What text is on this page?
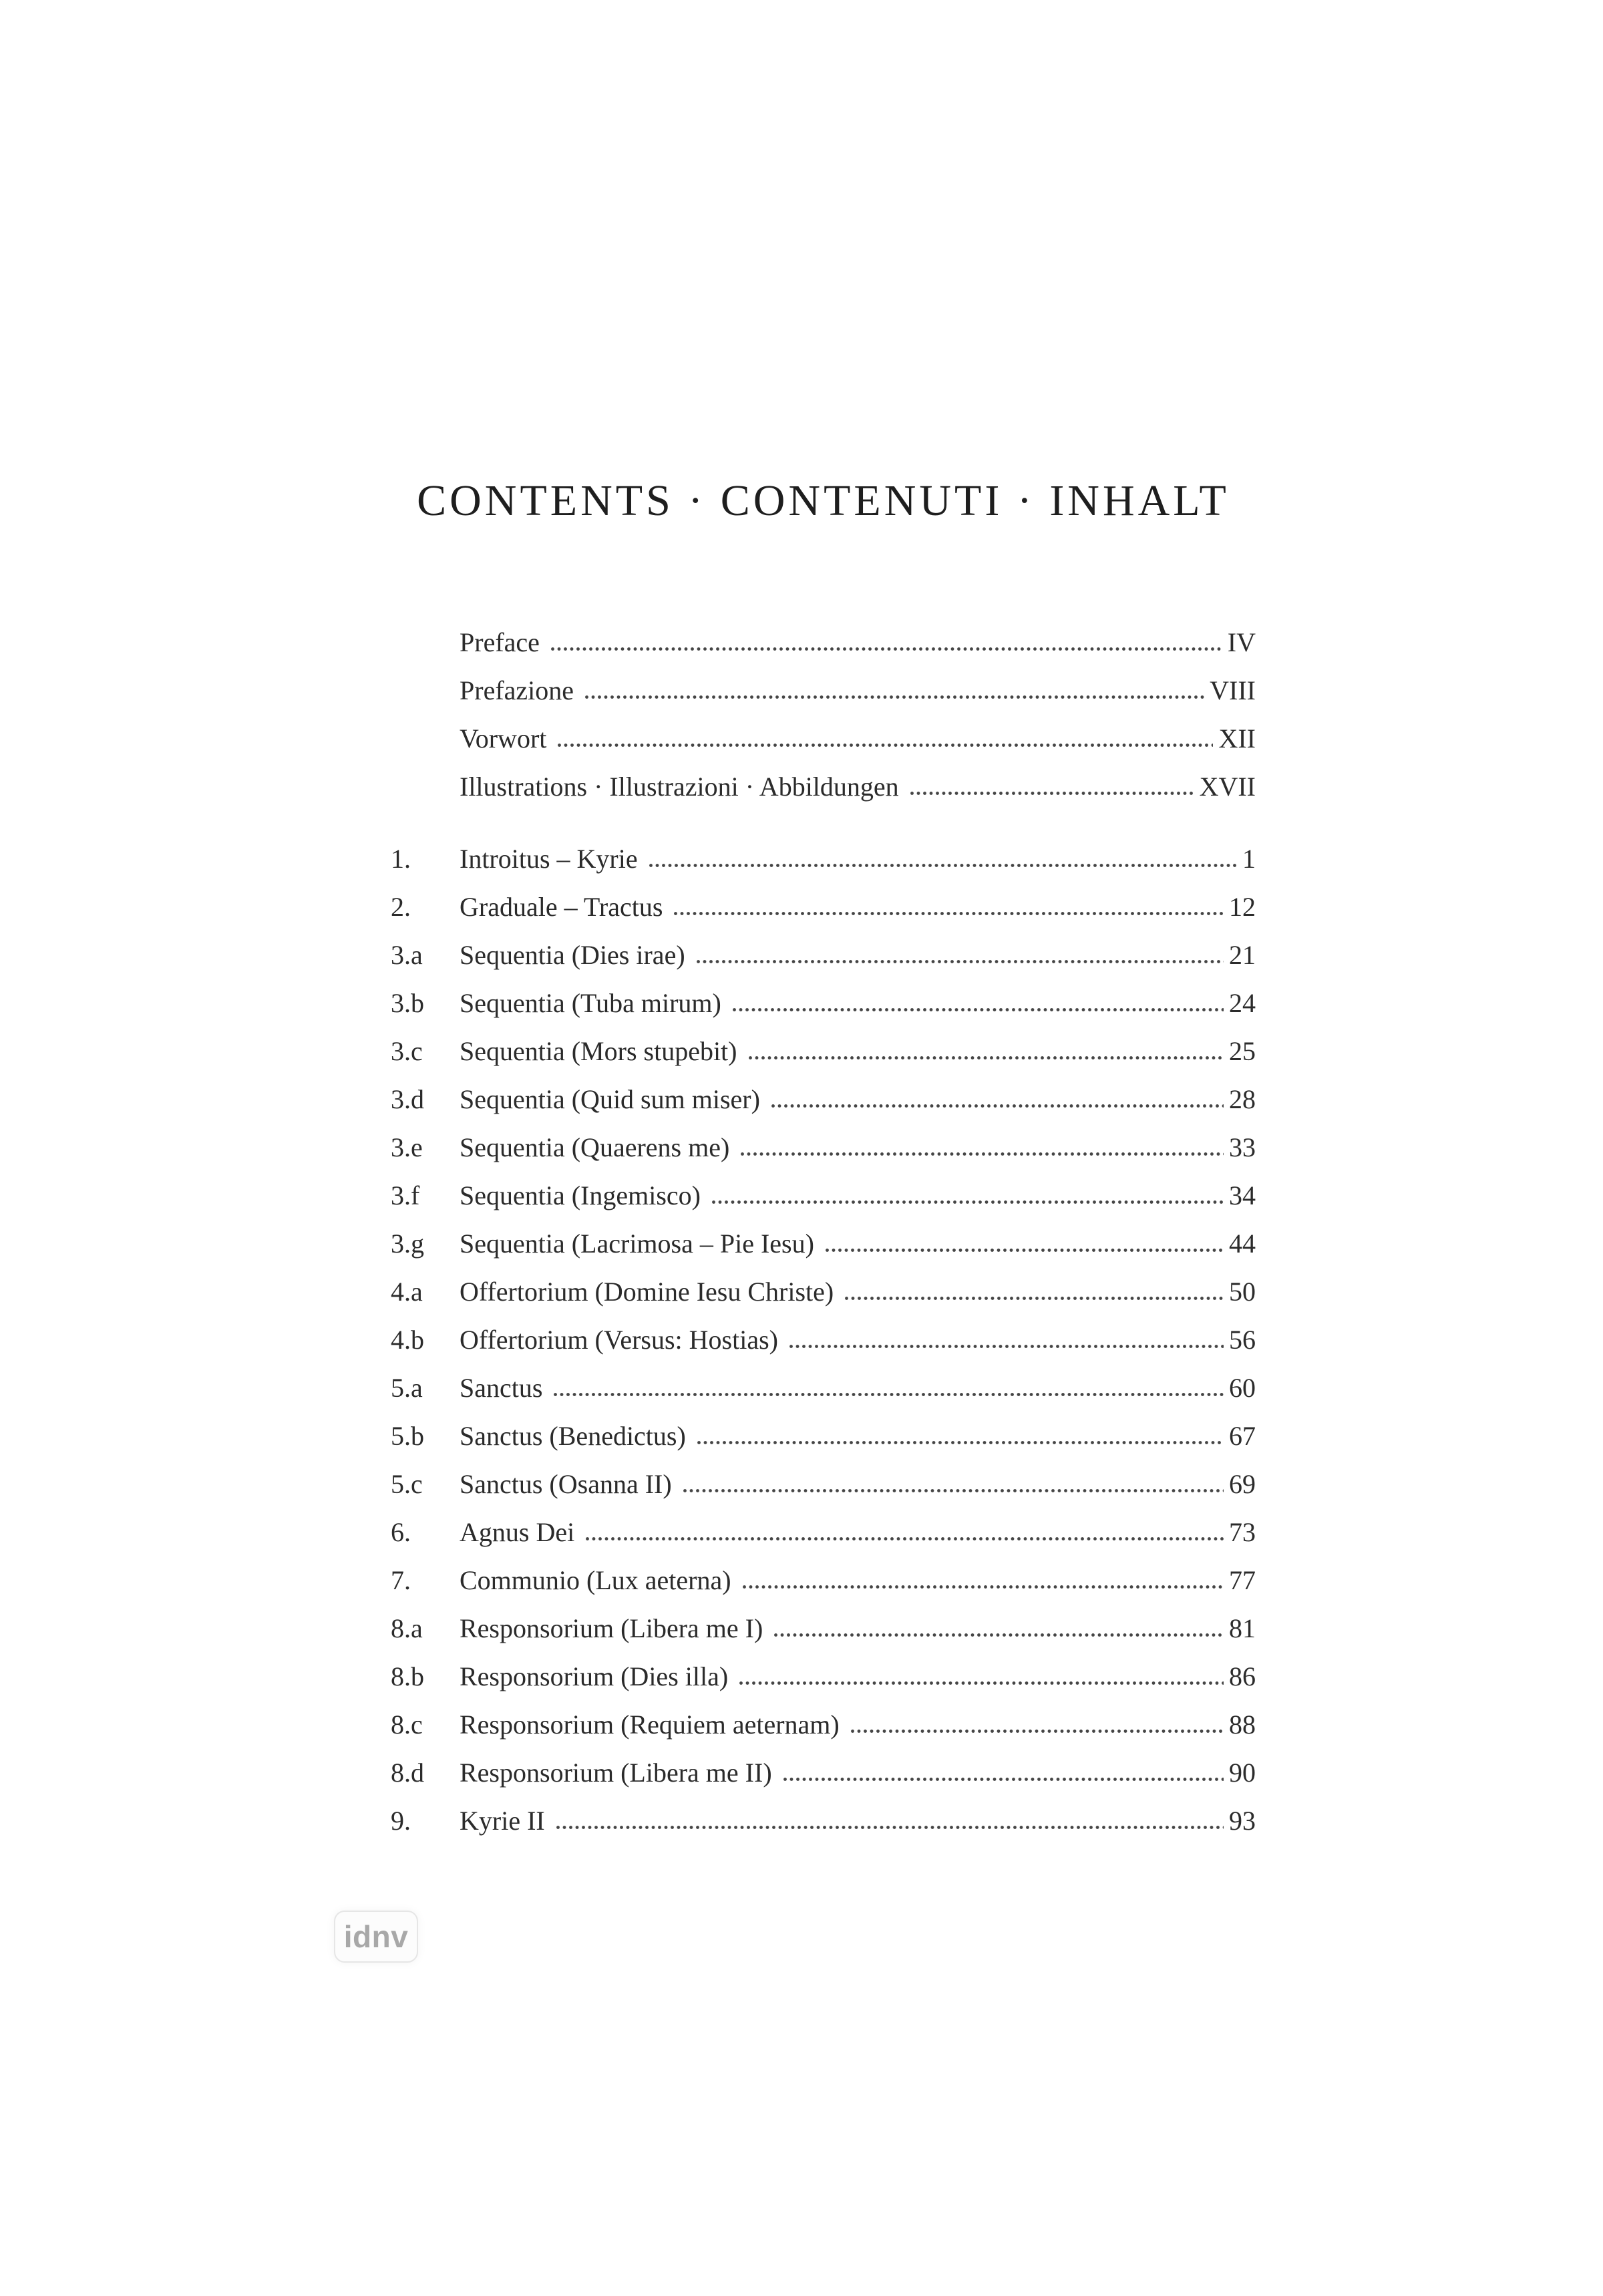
CONTENTS · CONTENUTI · INHALT
Preface	IV
Prefazione	VIII
Vorwort	XII
Illustrations · Illustrazioni · Abbildungen	XVII
1.	Introitus – Kyrie	1
2.	Graduale – Tractus	12
3.a	Sequentia (Dies irae)	21
3.b	Sequentia (Tuba mirum)	24
3.c	Sequentia (Mors stupebit)	25
3.d	Sequentia (Quid sum miser)	28
3.e	Sequentia (Quaerens me)	33
3.f	Sequentia (Ingemisco)	34
3.g	Sequentia (Lacrimosa – Pie Iesu)	44
4.a	Offertorium (Domine Iesu Christe)	50
4.b	Offertorium (Versus: Hostias)	56
5.a	Sanctus	60
5.b	Sanctus (Benedictus)	67
5.c	Sanctus (Osanna II)	69
6.	Agnus Dei	73
7.	Communio (Lux aeterna)	77
8.a	Responsorium (Libera me I)	81
8.b	Responsorium (Dies illa)	86
8.c	Responsorium (Requiem aeternam)	88
8.d	Responsorium (Libera me II)	90
9.	Kyrie II	93
idnv
